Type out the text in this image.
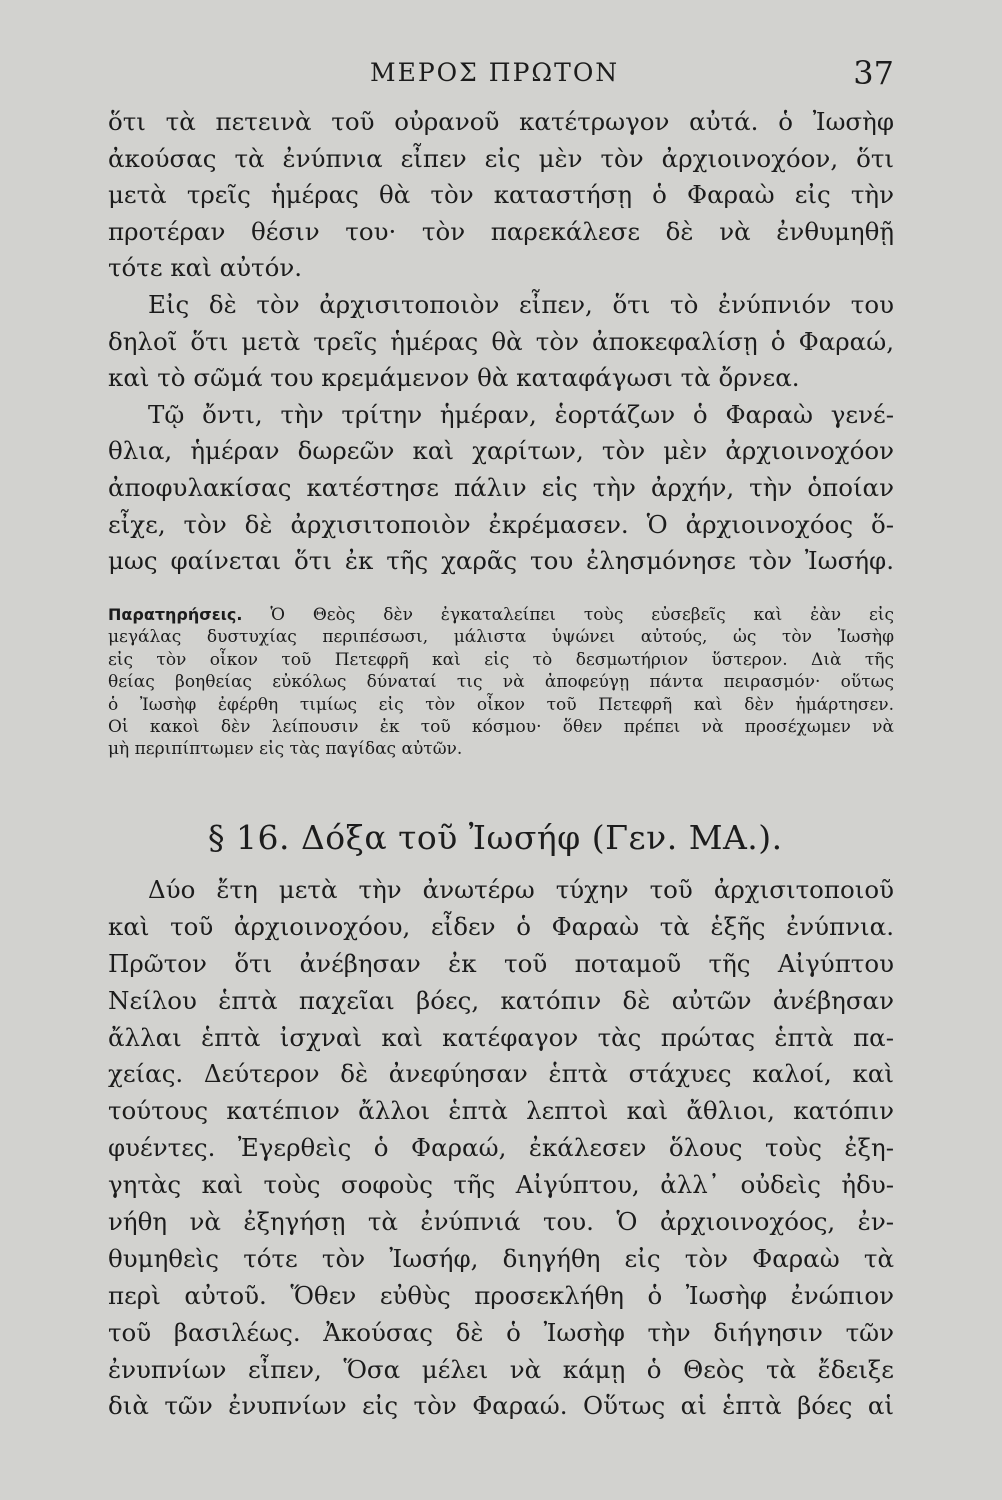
ΜΕΡΟΣ ΠΡΩΤΟΝ	37
ὅτι τὰ πετεινὰ τοῦ οὐρανοῦ κατέτρωγον αὐτά. ὁ Ἰωσὴφ
ἀκούσας τὰ ἐνύπνια εἶπεν εἰς μὲν τὸν ἀρχιοινοχόον, ὅτι
μετὰ τρεῖς ἡμέρας θὰ τὸν καταστήσῃ ὁ Φαραὼ εἰς τὴν
προτέραν θέσιν του· τὸν παρεκάλεσε δὲ νὰ ἐνθυμηθῇ
τότε καὶ αὐτόν.
Εἰς δὲ τὸν ἀρχισιτοποιὸν εἶπεν, ὅτι τὸ ἐνύπνιόν του
δηλοῖ ὅτι μετὰ τρεῖς ἡμέρας θὰ τὸν ἀποκεφαλίσῃ ὁ Φαραώ,
καὶ τὸ σῶμά του κρεμάμενον θὰ καταφάγωσι τὰ ὄρνεα.
Τῷ ὄντι, τὴν τρίτην ἡμέραν, ἑορτάζων ὁ Φαραὼ γενέ-
θλια, ἡμέραν δωρεῶν καὶ χαρίτων, τὸν μὲν ἀρχιοινοχόον
ἀποφυλακίσας κατέστησε πάλιν εἰς τὴν ἀρχήν, τὴν ὁποίαν
εἶχε, τὸν δὲ ἀρχισιτοποιὸν ἐκρέμασεν. Ὁ ἀρχιοινοχόος ὅ-
μως φαίνεται ὅτι ἐκ τῆς χαρᾶς του ἐλησμόνησε τὸν Ἰωσήφ.
Παρατηρήσεις. Ὁ Θεὸς δὲν ἐγκαταλείπει τοὺς εὐσεβεῖς καὶ ἐὰν εἰς
μεγάλας δυστυχίας περιπέσωσι, μάλιστα ὑψώνει αὐτούς, ὡς τὸν Ἰωσὴφ
εἰς τὸν οἶκον τοῦ Πετεφρῆ καὶ εἰς τὸ δεσμωτήριον ὕστερον. Διὰ τῆς
θείας βοηθείας εὐκόλως δύναταί τις νὰ ἀποφεύγῃ πάντα πειρασμόν· οὕτως
ὁ Ἰωσὴφ ἐφέρθη τιμίως εἰς τὸν οἶκον τοῦ Πετεφρῆ καὶ δὲν ἡμάρτησεν.
Οἱ κακοὶ δὲν λείπουσιν ἐκ τοῦ κόσμου· ὅθεν πρέπει νὰ προσέχωμεν νὰ
μὴ περιπίπτωμεν εἰς τὰς παγίδας αὐτῶν.
§ 16. Δόξα τοῦ Ἰωσήφ (Γεν. ΜΑ.).
Δύο ἔτη μετὰ τὴν ἀνωτέρω τύχην τοῦ ἀρχισιτοποιοῦ
καὶ τοῦ ἀρχιοινοχόου, εἶδεν ὁ Φαραὼ τὰ ἑξῆς ἐνύπνια.
Πρῶτον ὅτι ἀνέβησαν ἐκ τοῦ ποταμοῦ τῆς Αἰγύπτου
Νείλου ἑπτὰ παχεῖαι βόες, κατόπιν δὲ αὐτῶν ἀνέβησαν
ἄλλαι ἑπτὰ ἰσχναὶ καὶ κατέφαγον τὰς πρώτας ἑπτὰ πα-
χείας. Δεύτερον δὲ ἀνεφύησαν ἑπτὰ στάχυες καλοί, καὶ
τούτους κατέπιον ἄλλοι ἑπτὰ λεπτοὶ καὶ ἄθλιοι, κατόπιν
φυέντες. Ἐγερθεὶς ὁ Φαραώ, ἐκάλεσεν ὅλους τοὺς ἐξη-
γητὰς καὶ τοὺς σοφοὺς τῆς Αἰγύπτου, ἀλλ᾽ οὐδεὶς ἠδυ-
νήθη νὰ ἐξηγήσῃ τὰ ἐνύπνιά του. Ὁ ἀρχιοινοχόος, ἐν-
θυμηθεὶς τότε τὸν Ἰωσήφ, διηγήθη εἰς τὸν Φαραὼ τὰ
περὶ αὐτοῦ. Ὅθεν εὐθὺς προσεκλήθη ὁ Ἰωσὴφ ἐνώπιον
τοῦ βασιλέως. Ἀκούσας δὲ ὁ Ἰωσὴφ τὴν διήγησιν τῶν
ἐνυπνίων εἶπεν, Ὅσα μέλει νὰ κάμῃ ὁ Θεὸς τὰ ἔδειξε
διὰ τῶν ἐνυπνίων εἰς τὸν Φαραώ. Οὕτως αἱ ἑπτὰ βόες αἱ
